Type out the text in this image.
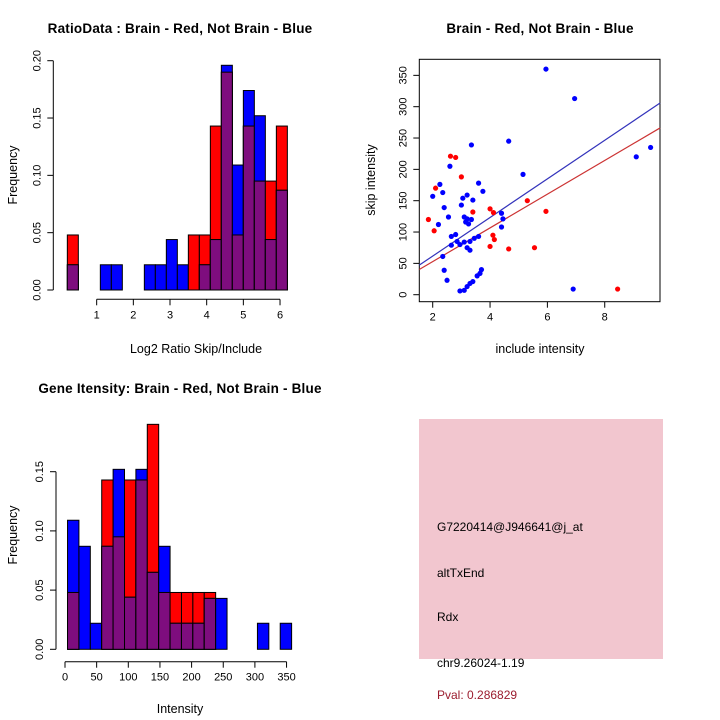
1	2	3	4	5	6
0.00
0.05
0.10
0.15
0.20
RatioData : Brain - Red, Not Brain - Blue
Log2 Ratio Skip/Include
Frequency
2	4	6	8
0
50
100
150
200
250
300
350
Brain - Red, Not Brain - Blue
include intensity
skip intensity
0 50 100 150 200 250 300 350
0.00
0.05
0.10
0.15
Gene Itensity: Brain - Red, Not Brain - Blue
Intensity
Frequency	G7220414@J946641@j_at
altTxEnd
Rdx
chr9.26024-1.19
Pval: 0.286829
